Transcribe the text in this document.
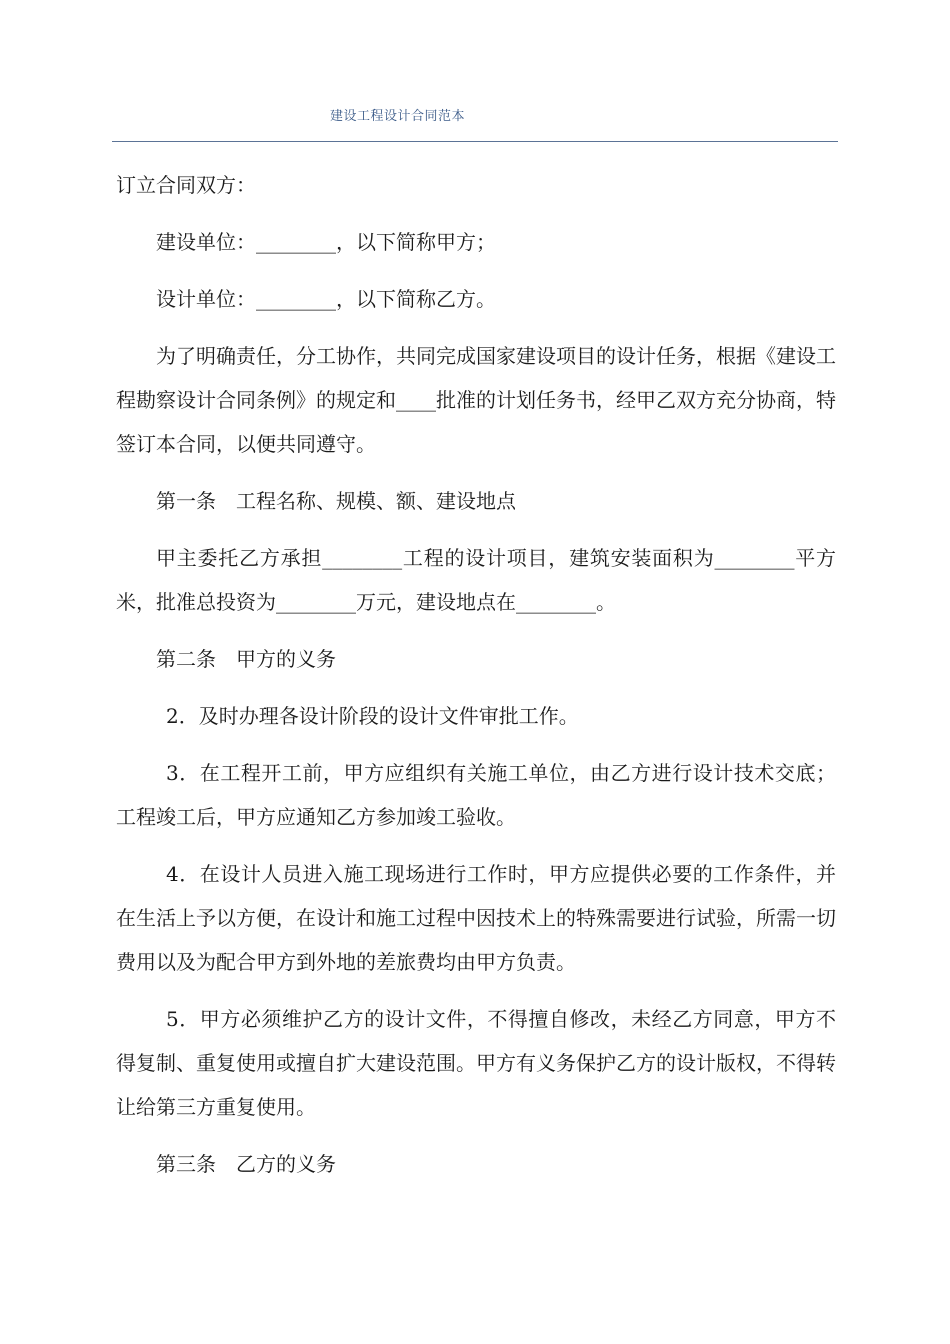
建设工程设计合同范本

订立合同双方：

建设单位：________，以下简称甲方；

设计单位：________，以下简称乙方。

为了明确责任，分工协作，共同完成国家建设项目的设计任务，根据《建设工程勘察设计合同条例》的规定和____批准的计划任务书，经甲乙双方充分协商，特签订本合同，以便共同遵守。

第一条　工程名称、规模、额、建设地点

甲主委托乙方承担________工程的设计项目，建筑安装面积为________平方米，批准总投资为________万元，建设地点在________。

第二条　甲方的义务

2．及时办理各设计阶段的设计文件审批工作。

3．在工程开工前，甲方应组织有关施工单位，由乙方进行设计技术交底；工程竣工后，甲方应通知乙方参加竣工验收。

4．在设计人员进入施工现场进行工作时，甲方应提供必要的工作条件，并在生活上予以方便，在设计和施工过程中因技术上的特殊需要进行试验，所需一切费用以及为配合甲方到外地的差旅费均由甲方负责。

5．甲方必须维护乙方的设计文件，不得擅自修改，未经乙方同意，甲方不得复制、重复使用或擅自扩大建设范围。甲方有义务保护乙方的设计版权，不得转让给第三方重复使用。

第三条　乙方的义务
